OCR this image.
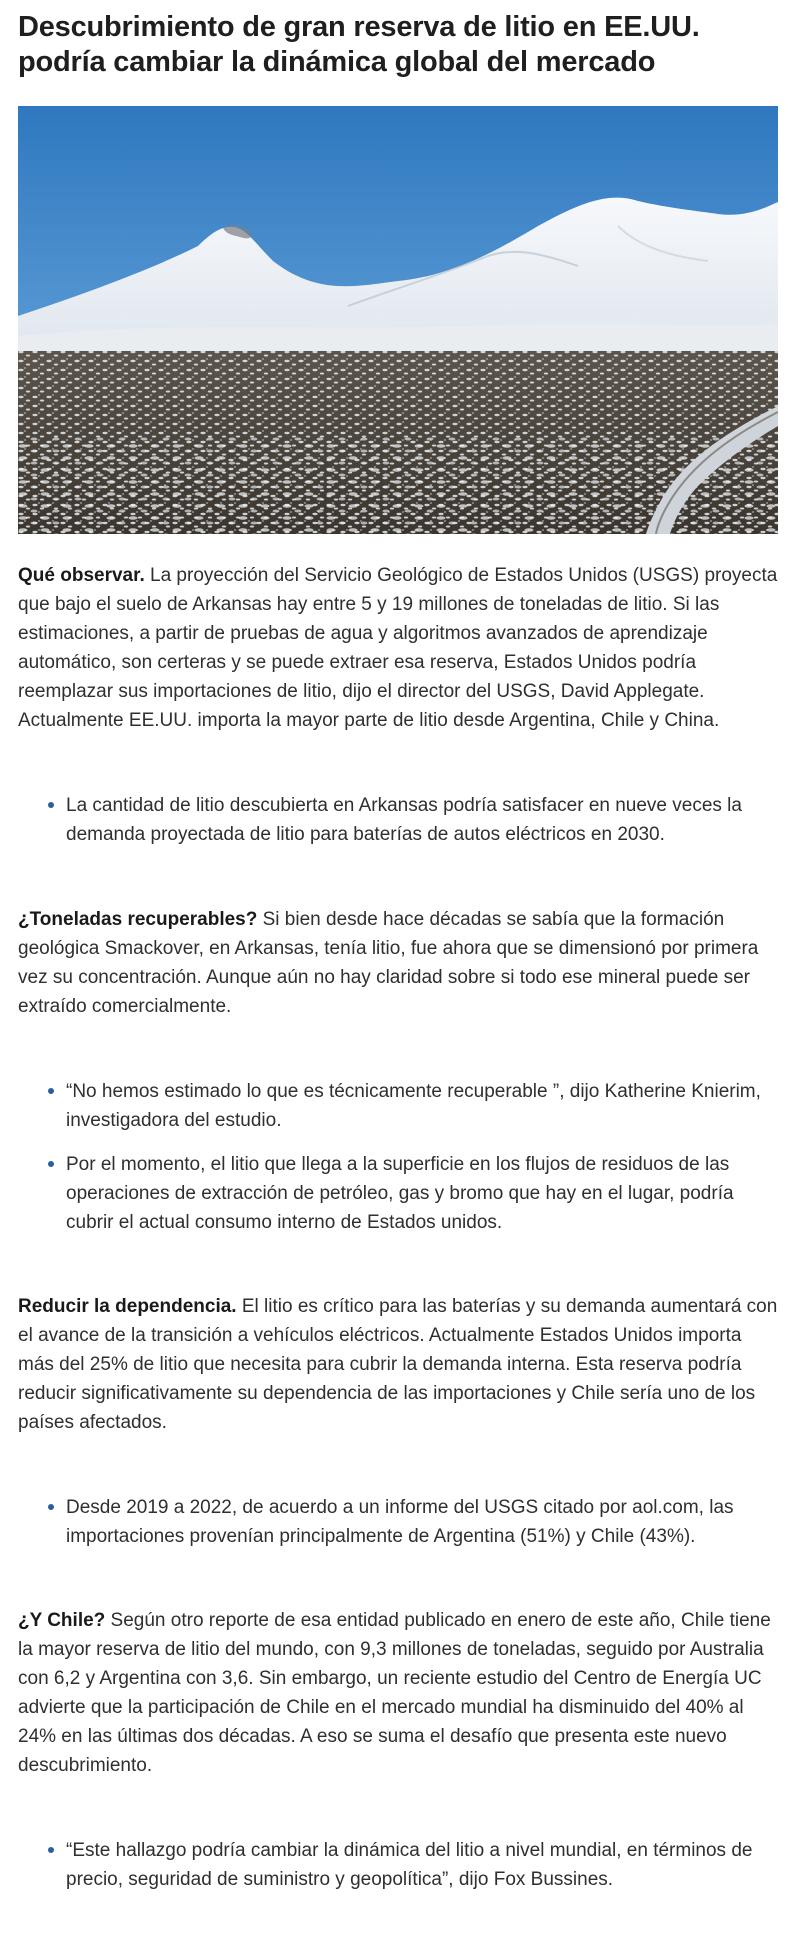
Descubrimiento de gran reserva de litio en EE.UU. podría cambiar la dinámica global del mercado

Qué observar. La proyección del Servicio Geológico de Estados Unidos (USGS) proyecta que bajo el suelo de Arkansas hay entre 5 y 19 millones de toneladas de litio. Si las estimaciones, a partir de pruebas de agua y algoritmos avanzados de aprendizaje automático, son certeras y se puede extraer esa reserva, Estados Unidos podría reemplazar sus importaciones de litio, dijo el director del USGS, David Applegate. Actualmente EE.UU. importa la mayor parte de litio desde Argentina, Chile y China.

La cantidad de litio descubierta en Arkansas podría satisfacer en nueve veces la demanda proyectada de litio para baterías de autos eléctricos en 2030.

¿Toneladas recuperables? Si bien desde hace décadas se sabía que la formación geológica Smackover, en Arkansas, tenía litio, fue ahora que se dimensionó por primera vez su concentración. Aunque aún no hay claridad sobre si todo ese mineral puede ser extraído comercialmente.

“No hemos estimado lo que es técnicamente recuperable ”, dijo Katherine Knierim, investigadora del estudio.
Por el momento, el litio que llega a la superficie en los flujos de residuos de las operaciones de extracción de petróleo, gas y bromo que hay en el lugar, podría cubrir el actual consumo interno de Estados unidos.

Reducir la dependencia. El litio es crítico para las baterías y su demanda aumentará con el avance de la transición a vehículos eléctricos. Actualmente Estados Unidos importa más del 25% de litio que necesita para cubrir la demanda interna. Esta reserva podría reducir significativamente su dependencia de las importaciones y Chile sería uno de los países afectados.

Desde 2019 a 2022, de acuerdo a un informe del USGS citado por aol.com, las importaciones provenían principalmente de Argentina (51%) y Chile (43%).

¿Y Chile? Según otro reporte de esa entidad publicado en enero de este año, Chile tiene la mayor reserva de litio del mundo, con 9,3 millones de toneladas, seguido por Australia con 6,2 y Argentina con 3,6. Sin embargo, un reciente estudio del Centro de Energía UC advierte que la participación de Chile en el mercado mundial ha disminuido del 40% al 24% en las últimas dos décadas. A eso se suma el desafío que presenta este nuevo descubrimiento.

“Este hallazgo podría cambiar la dinámica del litio a nivel mundial, en términos de precio, seguridad de suministro y geopolítica”, dijo Fox Bussines.
